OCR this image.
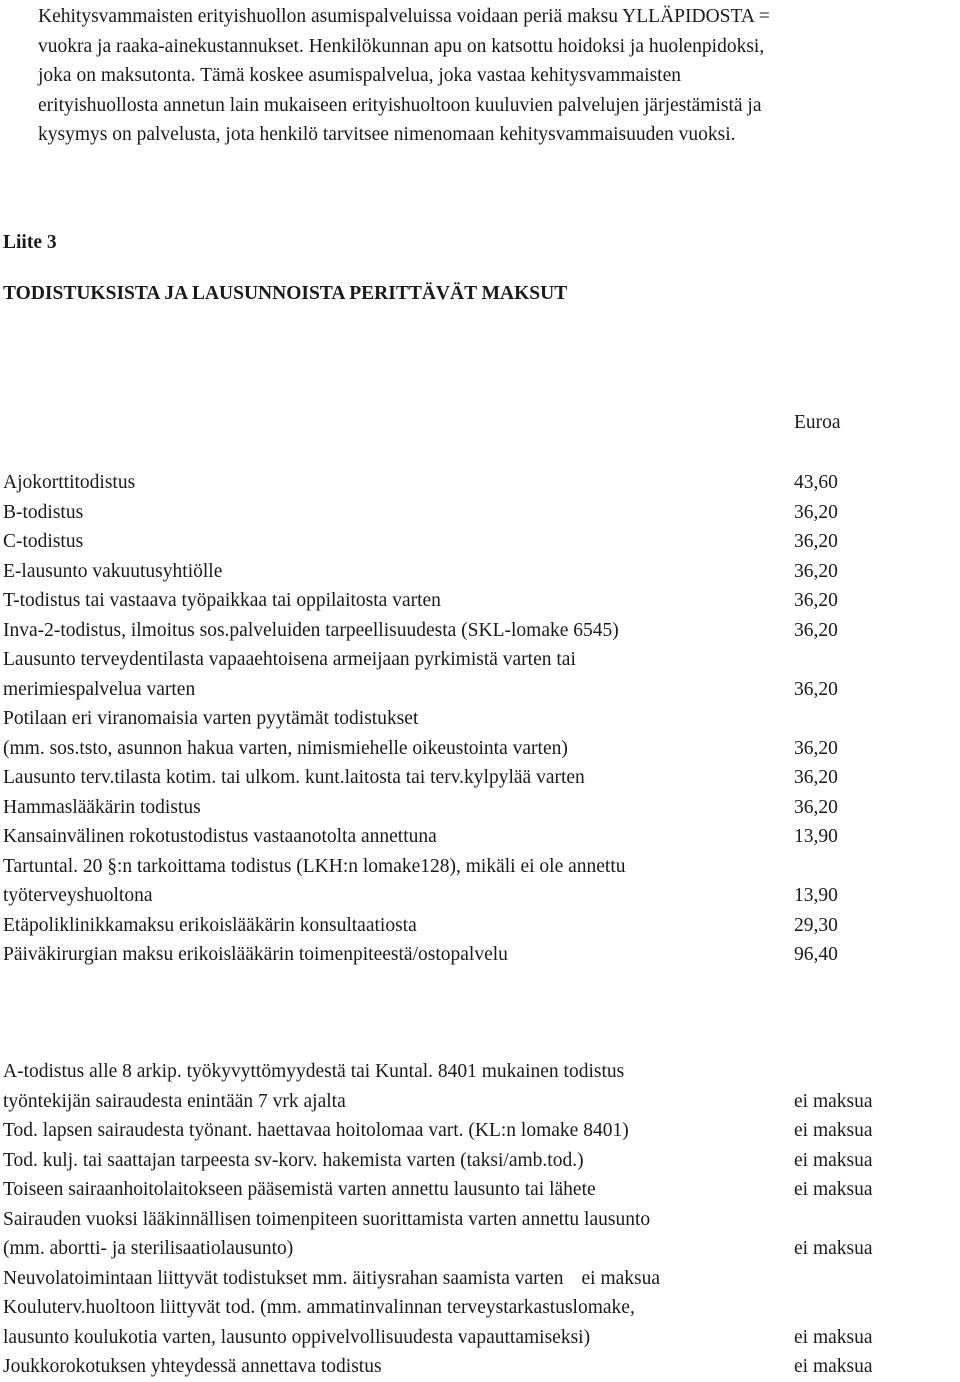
Kehitysvammaisten erityishuollon asumispalveluissa voidaan periä maksu YLLÄPIDOSTA =
vuokra ja raaka-ainekustannukset. Henkilökunnan apu on katsottu hoidoksi ja huolenpidoksi,
joka on maksutonta. Tämä koskee asumispalvelua, joka vastaa kehitysvammaisten
erityishuollosta annetun lain mukaiseen erityishuoltoon kuuluvien palvelujen järjestämistä ja
kysymys on palvelusta, jota henkilö tarvitsee nimenomaan kehitysvammaisuuden vuoksi.
Liite 3
TODISTUKSISTA JA LAUSUNNOISTA PERITTÄVÄT MAKSUT
Euroa
Ajokorttitodistus	43,60
B-todistus	36,20
C-todistus	36,20
E-lausunto vakuutusyhtiölle	36,20
T-todistus tai vastaava työpaikkaa tai oppilaitosta varten	36,20
Inva-2-todistus, ilmoitus sos.palveluiden tarpeellisuudesta (SKL-lomake 6545)	36,20
Lausunto terveydentilasta vapaaehtoisena armeijaan pyrkimistä varten tai
merimiespalvelua varten	36,20
Potilaan eri viranomaisia varten pyytämät todistukset
(mm. sos.tsto, asunnon hakua varten, nimismiehelle oikeustointa varten)	36,20
Lausunto terv.tilasta kotim. tai ulkom. kunt.laitosta tai terv.kylpylää varten	36,20
Hammaslääkärin todistus	36,20
Kansainvälinen rokotustodistus vastaanotolta annettuna	13,90
Tartuntal. 20 §:n tarkoittama todistus (LKH:n lomake128), mikäli ei ole annettu
työterveyshuoltona	13,90
Etäpoliklinikkamaksu erikoislääkärin konsultaatiosta	29,30
Päiväkirurgian maksu erikoislääkärin toimenpiteestä/ostopalvelu	96,40
A-todistus alle 8 arkip. työkyvyttömyydestä tai Kuntal. 8401 mukainen todistus
työntekijän sairaudesta enintään 7 vrk ajalta	ei maksua
Tod. lapsen sairaudesta työnant. haettavaa hoitolomaa vart. (KL:n lomake 8401)	ei maksua
Tod. kulj. tai saattajan tarpeesta sv-korv. hakemista varten (taksi/amb.tod.)	ei maksua
Toiseen sairaanhoitolaitokseen pääsemistä varten annettu lausunto tai lähete	ei maksua
Sairauden vuoksi lääkinnällisen toimenpiteen suorittamista varten annettu lausunto
(mm. abortti- ja sterilisaatiolausunto)	ei maksua
Neuvolatoimintaan liittyvät todistukset mm. äitiysrahan saamista varten ei maksua
Kouluterv.huoltoon liittyvät tod. (mm. ammatinvalinnan terveystarkastuslomake,
lausunto koulukotia varten, lausunto oppivelvollisuudesta vapauttamiseksi)	ei maksua
Joukkorokotuksen yhteydessä annettava todistus	ei maksua
